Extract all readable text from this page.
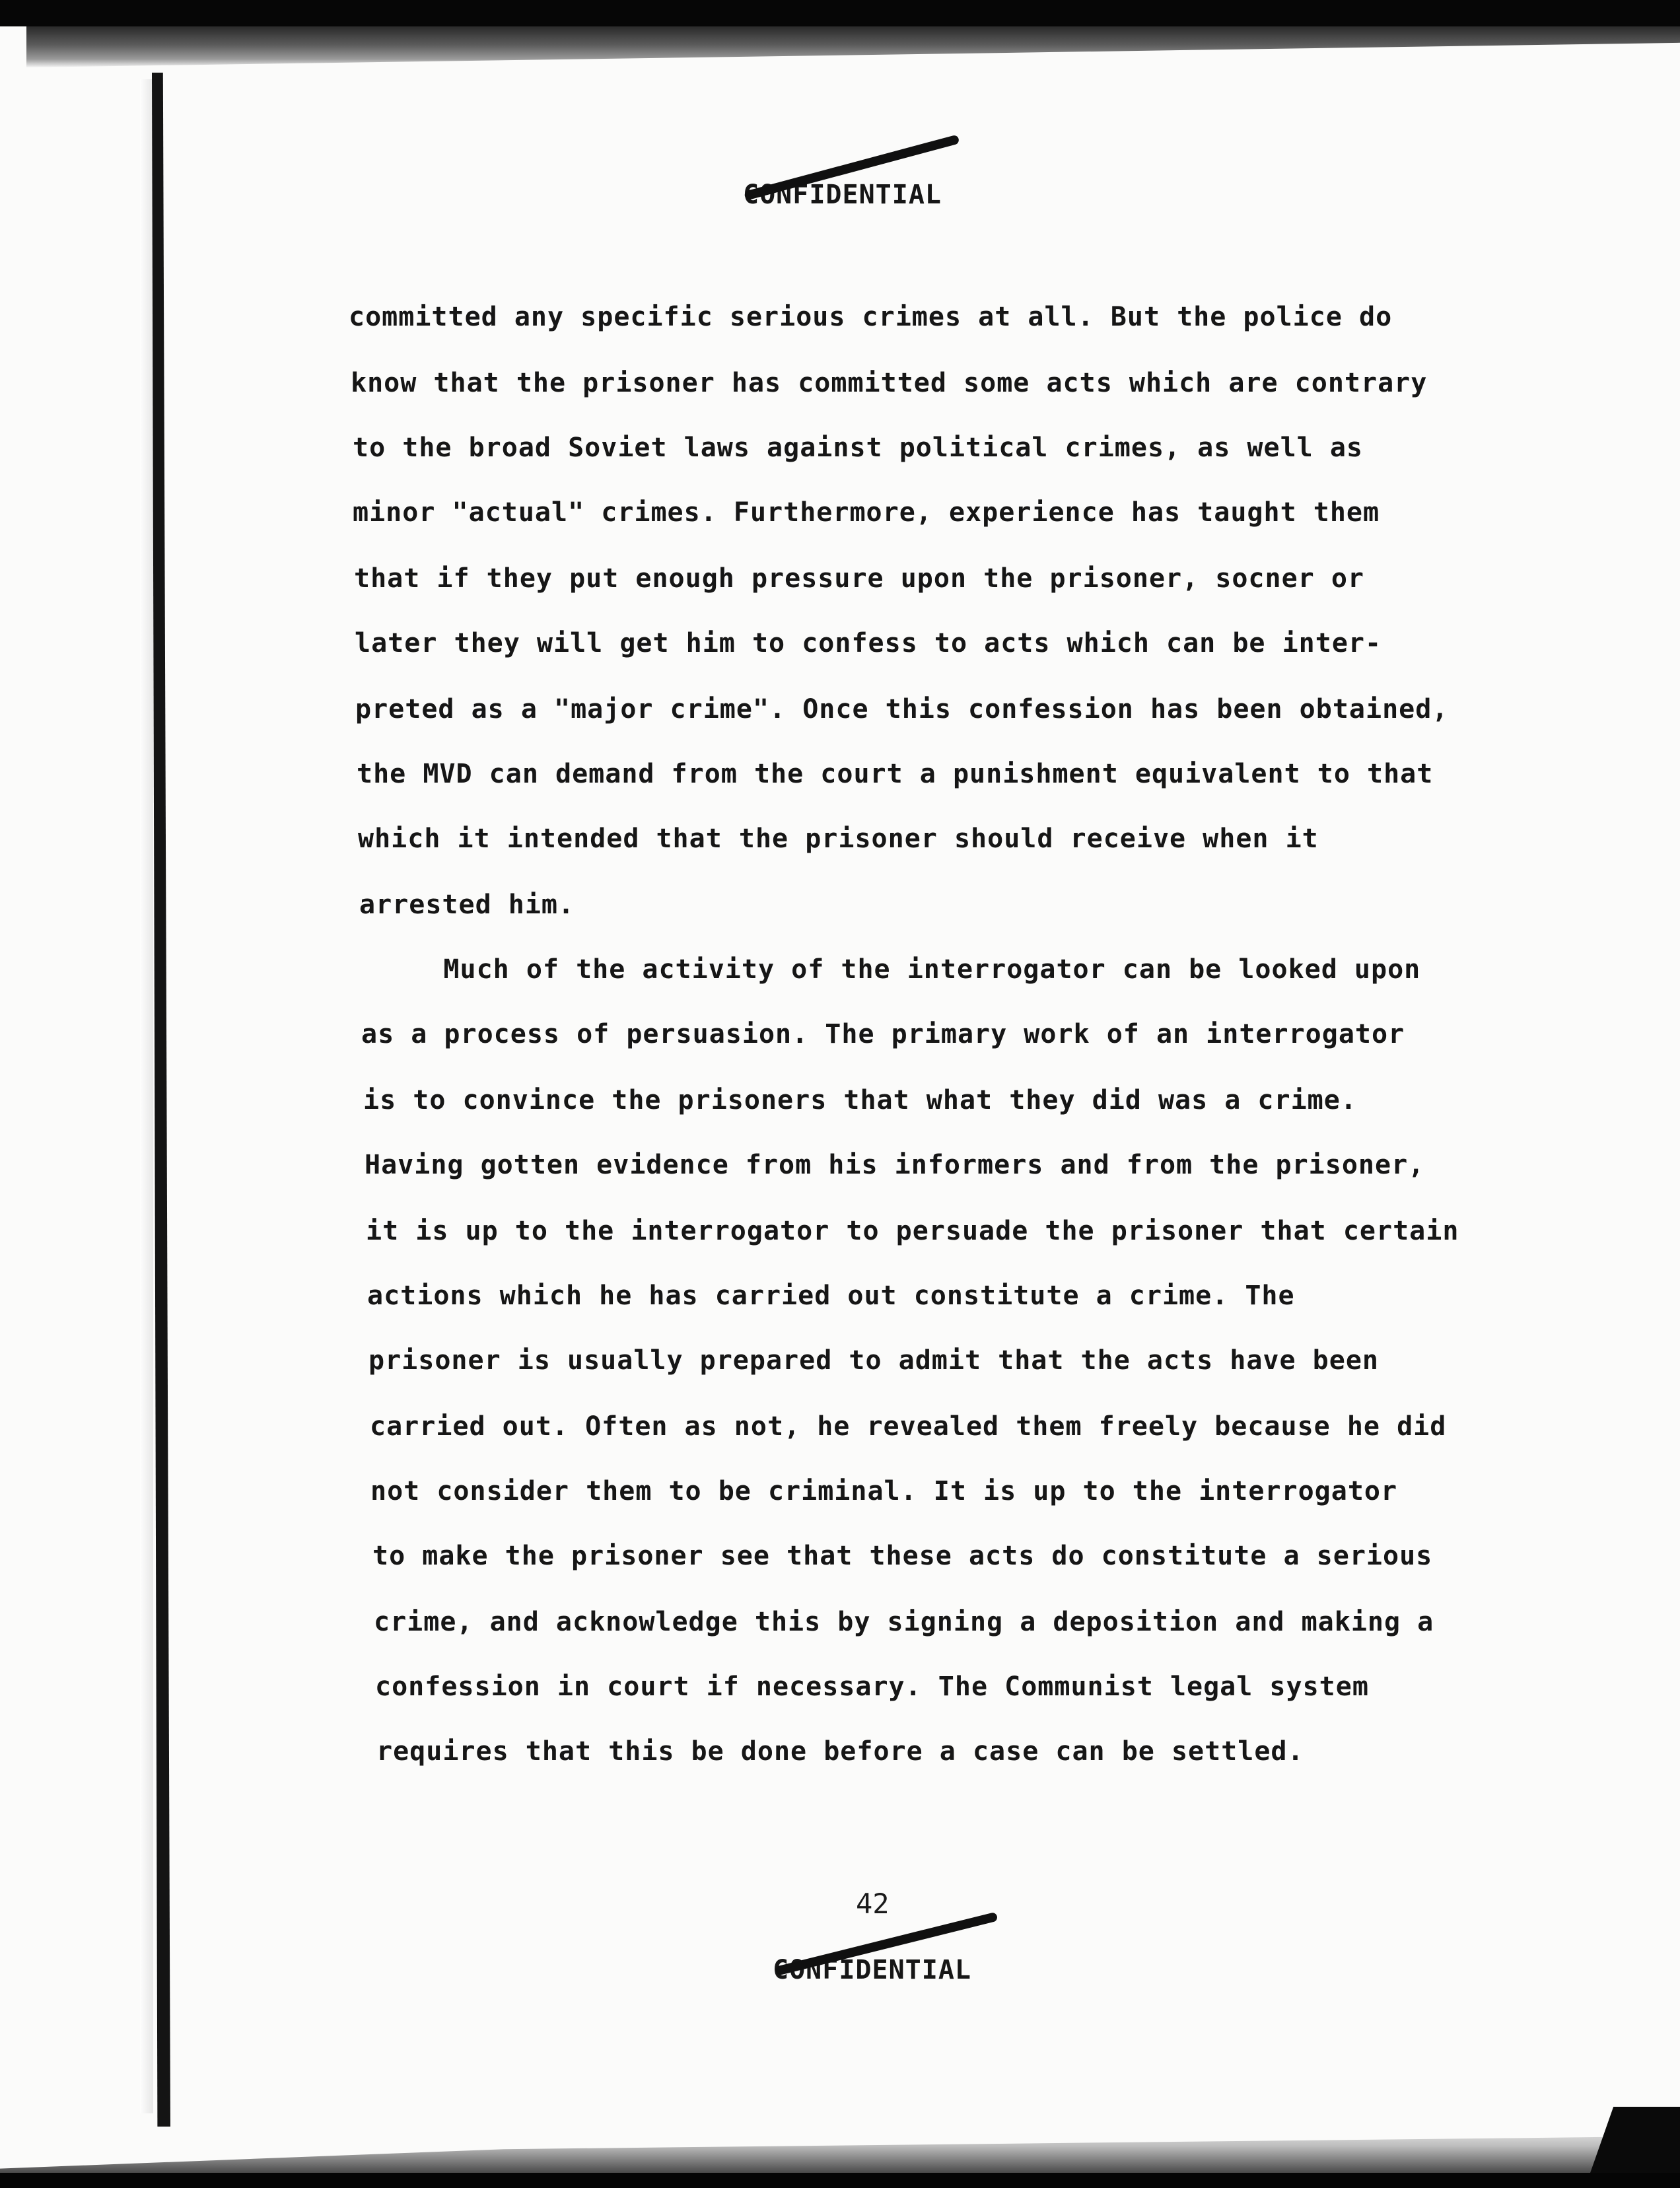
CONFIDENTIAL
committed any specific serious crimes at all. But the police do
know that the prisoner has committed some acts which are contrary
to the broad Soviet laws against political crimes, as well as
minor "actual" crimes. Furthermore, experience has taught them
that if they put enough pressure upon the prisoner, socner or
later they will get him to confess to acts which can be inter-
preted as a "major crime". Once this confession has been obtained,
the MVD can demand from the court a punishment equivalent to that
which it intended that the prisoner should receive when it
arrested him.
Much of the activity of the interrogator can be looked upon
as a process of persuasion. The primary work of an interrogator
is to convince the prisoners that what they did was a crime.
Having gotten evidence from his informers and from the prisoner,
it is up to the interrogator to persuade the prisoner that certain
actions which he has carried out constitute a crime. The
prisoner is usually prepared to admit that the acts have been
carried out. Often as not, he revealed them freely because he did
not consider them to be criminal. It is up to the interrogator
to make the prisoner see that these acts do constitute a serious
crime, and acknowledge this by signing a deposition and making a
confession in court if necessary. The Communist legal system
requires that this be done before a case can be settled.
42
CONFIDENTIAL
